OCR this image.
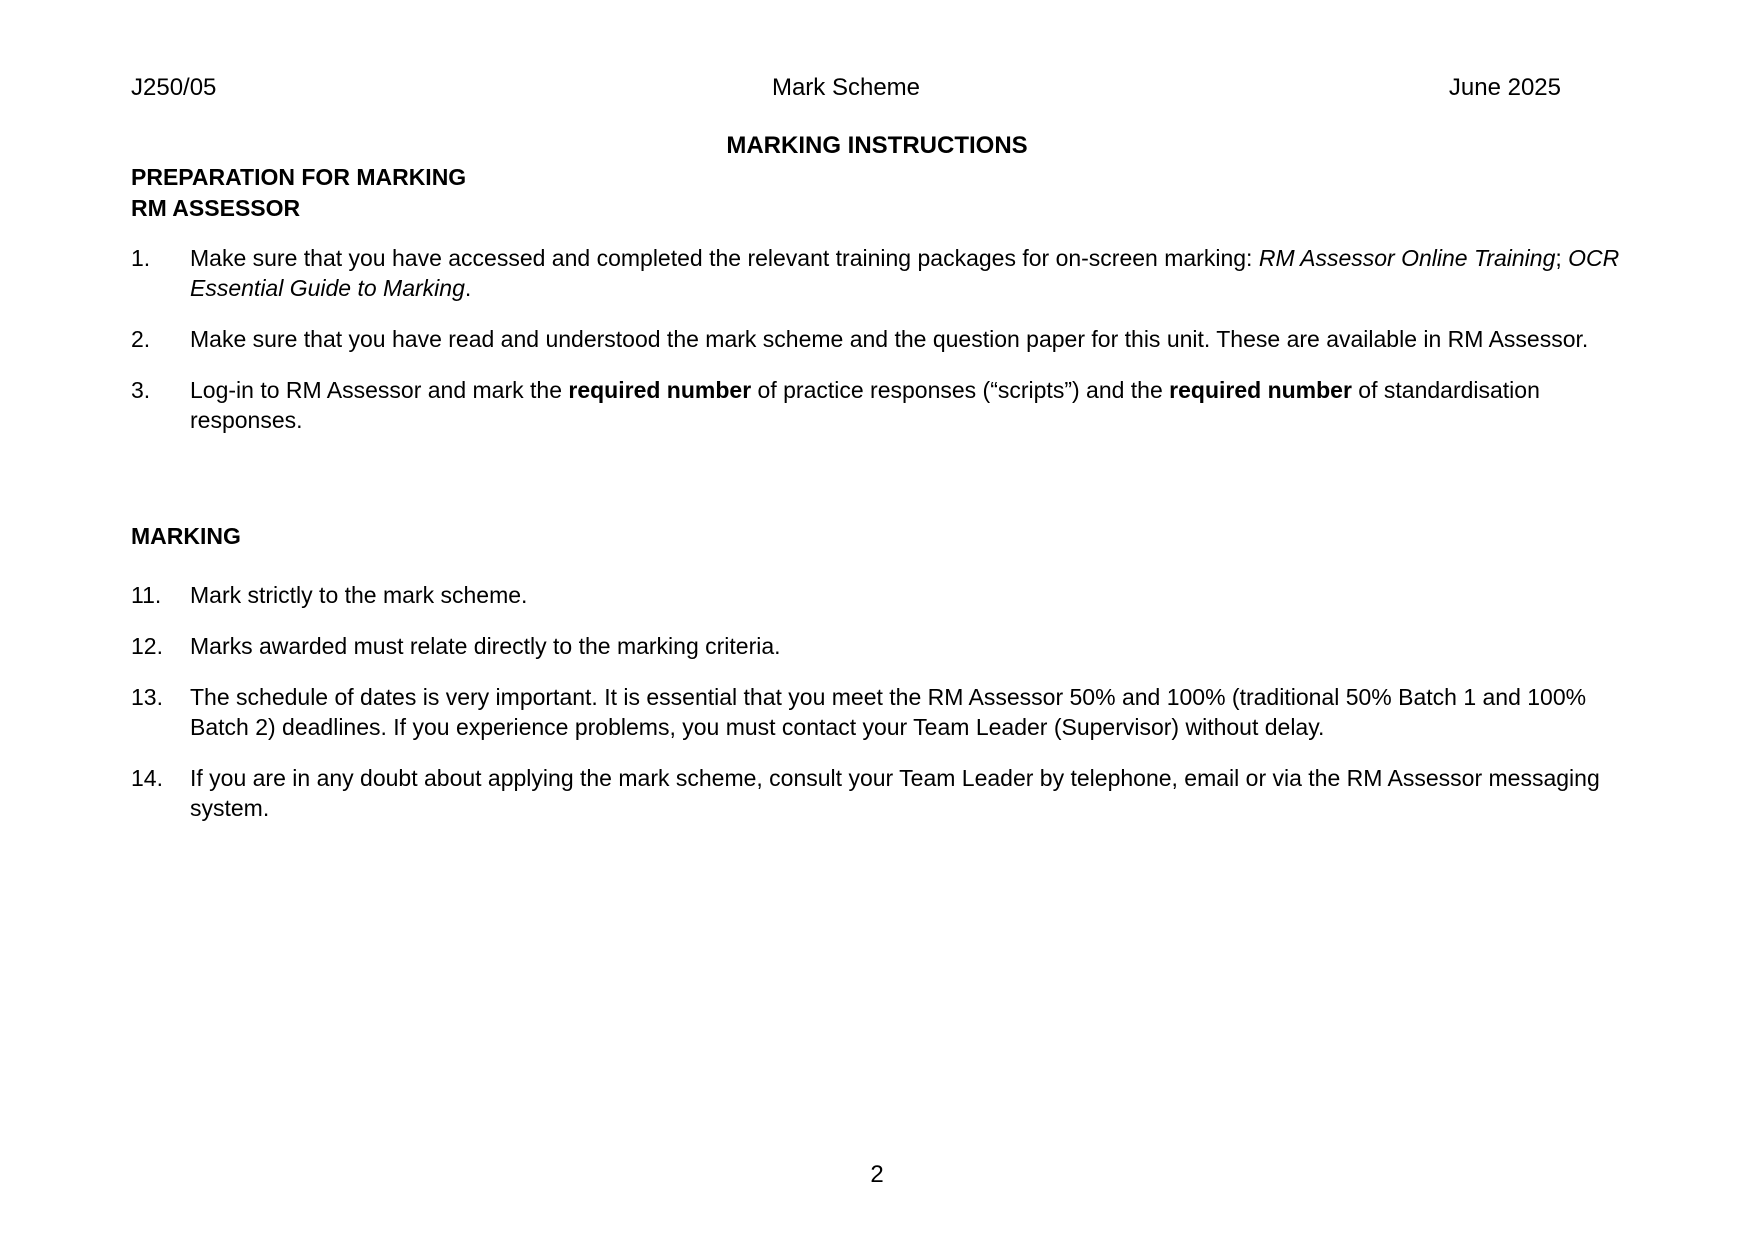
J250/05	Mark Scheme	June 2025
MARKING INSTRUCTIONS
PREPARATION FOR MARKING
RM ASSESSOR
1. Make sure that you have accessed and completed the relevant training packages for on-screen marking: RM Assessor Online Training; OCR Essential Guide to Marking.
2. Make sure that you have read and understood the mark scheme and the question paper for this unit. These are available in RM Assessor.
3. Log-in to RM Assessor and mark the required number of practice responses (“scripts”) and the required number of standardisation responses.
MARKING
11. Mark strictly to the mark scheme.
12. Marks awarded must relate directly to the marking criteria.
13. The schedule of dates is very important. It is essential that you meet the RM Assessor 50% and 100% (traditional 50% Batch 1 and 100% Batch 2) deadlines. If you experience problems, you must contact your Team Leader (Supervisor) without delay.
14. If you are in any doubt about applying the mark scheme, consult your Team Leader by telephone, email or via the RM Assessor messaging system.
2
